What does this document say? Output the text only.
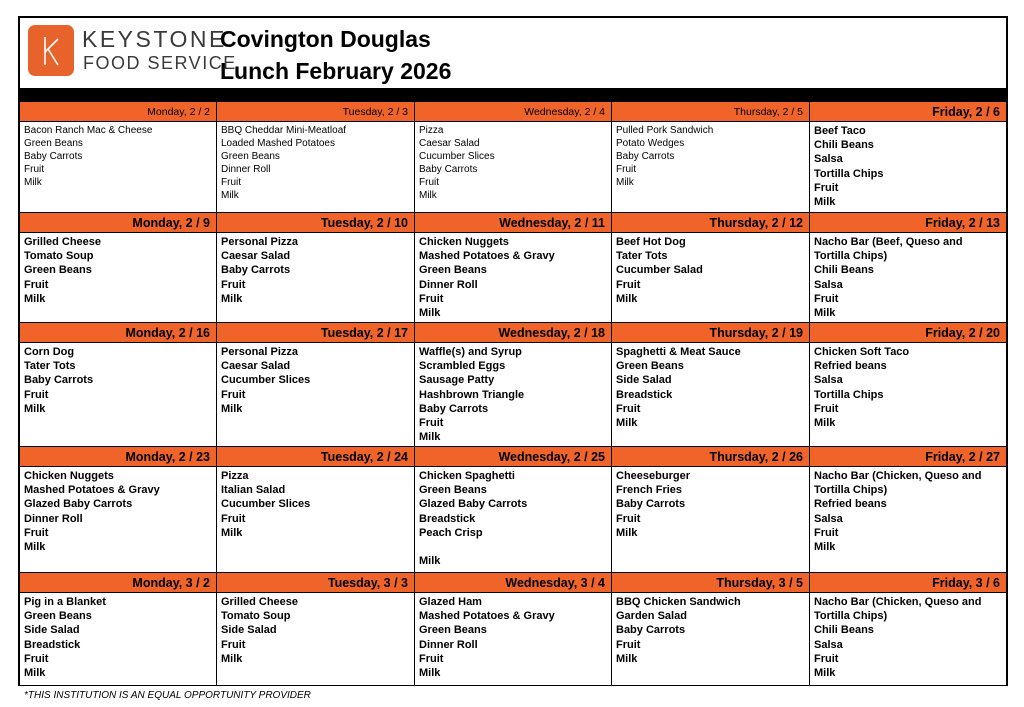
KEYSTONE
FOOD SERVICE
Covington Douglas
Lunch February 2026
Monday, 2 / 2
Bacon Ranch Mac & Cheese
Green Beans
Baby Carrots
Fruit
Milk
Tuesday, 2 / 3
BBQ Cheddar Mini-Meatloaf
Loaded Mashed Potatoes
Green Beans
Dinner Roll
Fruit
Milk
Wednesday, 2 / 4
Pizza
Caesar Salad
Cucumber Slices
Baby Carrots
Fruit
Milk
Thursday, 2 / 5
Pulled Pork Sandwich
Potato Wedges
Baby Carrots
Fruit
Milk
Friday, 2 / 6
Beef Taco
Chili Beans
Salsa
Tortilla Chips
Fruit
Milk
Monday, 2 / 9
Grilled Cheese
Tomato Soup
Green Beans
Fruit
Milk
Tuesday, 2 / 10
Personal Pizza
Caesar Salad
Baby Carrots
Fruit
Milk
Wednesday, 2 / 11
Chicken Nuggets
Mashed Potatoes & Gravy
Green Beans
Dinner Roll
Fruit
Milk
Thursday, 2 / 12
Beef Hot Dog
Tater Tots
Cucumber Salad
Fruit
Milk
Friday, 2 / 13
Nacho Bar (Beef, Queso and Tortilla Chips)
Chili Beans
Salsa
Fruit
Milk
Monday, 2 / 16
Corn Dog
Tater Tots
Baby Carrots
Fruit
Milk
Tuesday, 2 / 17
Personal Pizza
Caesar Salad
Cucumber Slices
Fruit
Milk
Wednesday, 2 / 18
Waffle(s) and Syrup
Scrambled Eggs
Sausage Patty
Hashbrown Triangle
Baby Carrots
Fruit
Milk
Thursday, 2 / 19
Spaghetti & Meat Sauce
Green Beans
Side Salad
Breadstick
Fruit
Milk
Friday, 2 / 20
Chicken Soft Taco
Refried beans
Salsa
Tortilla Chips
Fruit
Milk
Monday, 2 / 23
Chicken Nuggets
Mashed Potatoes & Gravy
Glazed Baby Carrots
Dinner Roll
Fruit
Milk
Tuesday, 2 / 24
Pizza
Italian Salad
Cucumber Slices
Fruit
Milk
Wednesday, 2 / 25
Chicken Spaghetti
Green Beans
Glazed Baby Carrots
Breadstick
Peach Crisp

Milk
Thursday, 2 / 26
Cheeseburger
French Fries
Baby Carrots
Fruit
Milk
Friday, 2 / 27
Nacho Bar (Chicken, Queso and Tortilla Chips)
Refried beans
Salsa
Fruit
Milk
Monday, 3 / 2
Pig in a Blanket
Green Beans
Side Salad
Breadstick
Fruit
Milk
Tuesday, 3 / 3
Grilled Cheese
Tomato Soup
Side Salad
Fruit
Milk
Wednesday, 3 / 4
Glazed Ham
Mashed Potatoes & Gravy
Green Beans
Dinner Roll
Fruit
Milk
Thursday, 3 / 5
BBQ Chicken Sandwich
Garden Salad
Baby Carrots
Fruit
Milk
Friday, 3 / 6
Nacho Bar (Chicken, Queso and Tortilla Chips)
Chili Beans
Salsa
Fruit
Milk
*THIS INSTITUTION IS AN EQUAL OPPORTUNITY PROVIDER
